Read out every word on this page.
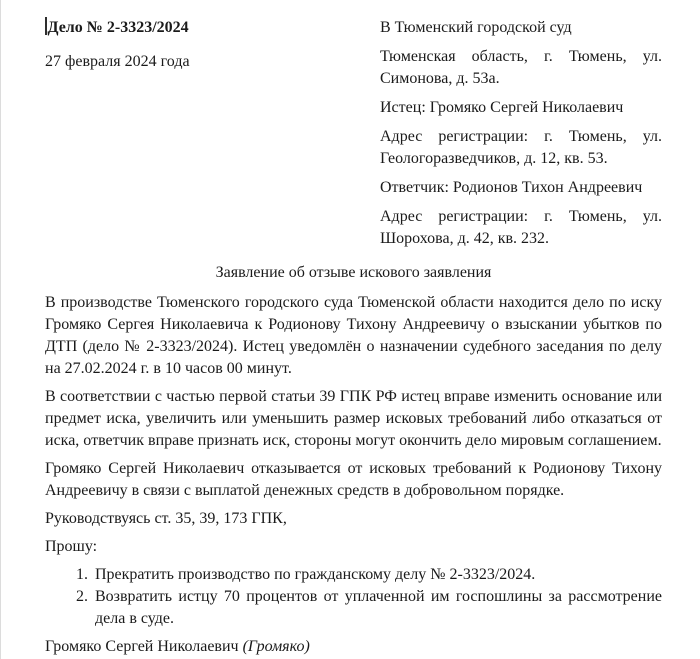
Дело № 2-3323/2024

27 февраля 2024 года

В Тюменский городской суд

Тюменская область, г. Тюмень, ул. Симонова, д. 53а.

Истец: Громяко Сергей Николаевич

Адрес регистрации: г. Тюмень, ул. Геологоразведчиков, д. 12, кв. 53.

Ответчик: Родионов Тихон Андреевич

Адрес регистрации: г. Тюмень, ул. Шорохова, д. 42, кв. 232.

Заявление об отзыве искового заявления

В производстве Тюменского городского суда Тюменской области находится дело по иску Громяко Сергея Николаевича к Родионову Тихону Андреевичу о взыскании убытков по ДТП (дело № 2-3323/2024). Истец уведомлён о назначении судебного заседания по делу на 27.02.2024 г. в 10 часов 00 минут.

В соответствии с частью первой статьи 39 ГПК РФ истец вправе изменить основание или предмет иска, увеличить или уменьшить размер исковых требований либо отказаться от иска, ответчик вправе признать иск, стороны могут окончить дело мировым соглашением.

Громяко Сергей Николаевич отказывается от исковых требований к Родионову Тихону Андреевичу в связи с выплатой денежных средств в добровольном порядке.

Руководствуясь ст. 35, 39, 173 ГПК,

Прошу:

1. Прекратить производство по гражданскому делу № 2-3323/2024.
2. Возвратить истцу 70 процентов от уплаченной им госпошлины за рассмотрение дела в суде.

Громяко Сергей Николаевич (Громяко)
